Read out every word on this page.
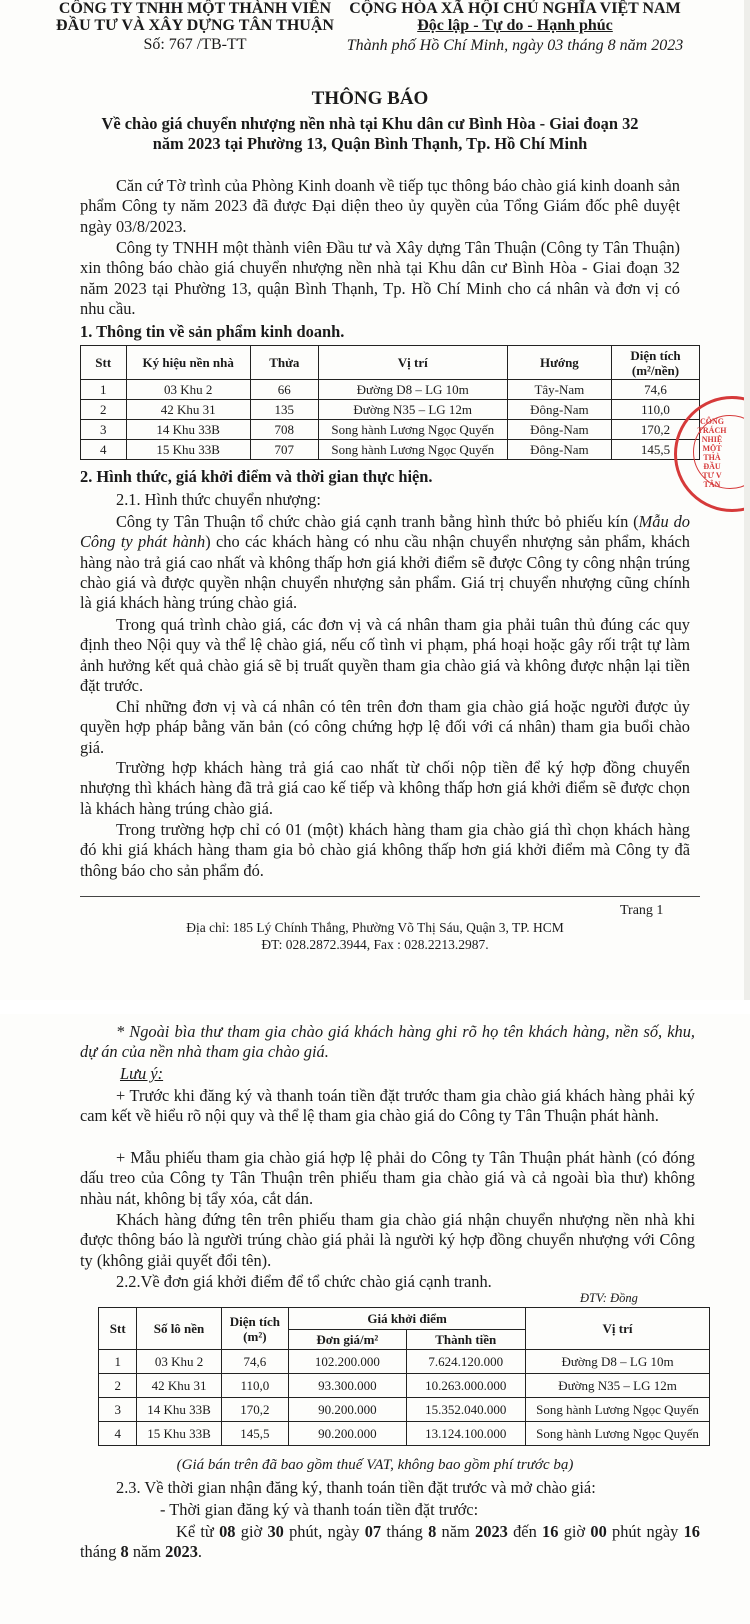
CÔNG TY TNHH MỘT THÀNH VIÊN
ĐẦU TƯ VÀ XÂY DỰNG TÂN THUẬN
Số: 767 /TB-TT
CỘNG HÒA XÃ HỘI CHỦ NGHĨA VIỆT NAM
Độc lập - Tự do - Hạnh phúc
Thành phố Hồ Chí Minh, ngày 03 tháng 8 năm 2023
THÔNG BÁO
Về chào giá chuyển nhượng nền nhà tại Khu dân cư Bình Hòa - Giai đoạn 32
năm 2023 tại Phường 13, Quận Bình Thạnh, Tp. Hồ Chí Minh
Căn cứ Tờ trình của Phòng Kinh doanh về tiếp tục thông báo chào giá kinh doanh sản phẩm Công ty năm 2023 đã được Đại diện theo ủy quyền của Tổng Giám đốc phê duyệt ngày 03/8/2023.
Công ty TNHH một thành viên Đầu tư và Xây dựng Tân Thuận (Công ty Tân Thuận) xin thông báo chào giá chuyển nhượng nền nhà tại Khu dân cư Bình Hòa - Giai đoạn 32 năm 2023 tại Phường 13, quận Bình Thạnh, Tp. Hồ Chí Minh cho cá nhân và đơn vị có nhu cầu.
1. Thông tin về sản phẩm kinh doanh.
Stt	Ký hiệu nền nhà	Thửa	Vị trí	Hướng	Diện tích
(m²/nền)

1	03 Khu 2	66	Đường D8 – LG 10m	Tây-Nam	74,6
2	42 Khu 31	135	Đường N35 – LG 12m	Đông-Nam	110,0
3	14 Khu 33B	708	Song hành Lương Ngọc Quyến	Đông-Nam	170,2
4	15 Khu 33B	707	Song hành Lương Ngọc Quyến	Đông-Nam	145,5
CÔNG
TRÁCH NHIỆ
MỘT THÀ
ĐẦU TƯ V
TÂN
2. Hình thức, giá khởi điểm và thời gian thực hiện.
2.1. Hình thức chuyển nhượng:
Công ty Tân Thuận tổ chức chào giá cạnh tranh bằng hình thức bỏ phiếu kín (Mẫu do Công ty phát hành) cho các khách hàng có nhu cầu nhận chuyển nhượng sản phẩm, khách hàng nào trả giá cao nhất và không thấp hơn giá khởi điểm sẽ được Công ty công nhận trúng chào giá và được quyền nhận chuyển nhượng sản phẩm. Giá trị chuyển nhượng cũng chính là giá khách hàng trúng chào giá.
Trong quá trình chào giá, các đơn vị và cá nhân tham gia phải tuân thủ đúng các quy định theo Nội quy và thể lệ chào giá, nếu cố tình vi phạm, phá hoại hoặc gây rối trật tự làm ảnh hưởng kết quả chào giá sẽ bị truất quyền tham gia chào giá và không được nhận lại tiền đặt trước.
Chỉ những đơn vị và cá nhân có tên trên đơn tham gia chào giá hoặc người được ủy quyền hợp pháp bằng văn bản (có công chứng hợp lệ đối với cá nhân) tham gia buổi chào giá.
Trường hợp khách hàng trả giá cao nhất từ chối nộp tiền để ký hợp đồng chuyển nhượng thì khách hàng đã trả giá cao kế tiếp và không thấp hơn giá khởi điểm sẽ được chọn là khách hàng trúng chào giá.
Trong trường hợp chỉ có 01 (một) khách hàng tham gia chào giá thì chọn khách hàng đó khi giá khách hàng tham gia bỏ chào giá không thấp hơn giá khởi điểm mà Công ty đã thông báo cho sản phẩm đó.
Trang 1
Địa chỉ: 185 Lý Chính Thắng, Phường Võ Thị Sáu, Quận 3, TP. HCM
ĐT: 028.2872.3944, Fax : 028.2213.2987.
* Ngoài bìa thư tham gia chào giá khách hàng ghi rõ họ tên khách hàng, nền số, khu, dự án của nền nhà tham gia chào giá.
Lưu ý:
+ Trước khi đăng ký và thanh toán tiền đặt trước tham gia chào giá khách hàng phải ký cam kết về hiểu rõ nội quy và thể lệ tham gia chào giá do Công ty Tân Thuận phát hành.
+ Mẫu phiếu tham gia chào giá hợp lệ phải do Công ty Tân Thuận phát hành (có đóng dấu treo của Công ty Tân Thuận trên phiếu tham gia chào giá và cả ngoài bìa thư) không nhàu nát, không bị tẩy xóa, cắt dán.
Khách hàng đứng tên trên phiếu tham gia chào giá nhận chuyển nhượng nền nhà khi được thông báo là người trúng chào giá phải là người ký hợp đồng chuyển nhượng với Công ty (không giải quyết đổi tên).
2.2.Về đơn giá khởi điểm để tổ chức chào giá cạnh tranh.
ĐTV: Đồng
Stt	Số lô nền	Diện tích
(m²)	Giá khởi điểm		Vị trí
			Đơn giá/m²	Thành tiền	
1	03 Khu 2	74,6	102.200.000	7.624.120.000	Đường D8 – LG 10m
2	42 Khu 31	110,0	93.300.000	10.263.000.000	Đường N35 – LG 12m
3	14 Khu 33B	170,2	90.200.000	15.352.040.000	Song hành Lương Ngọc Quyến
4	15 Khu 33B	145,5	90.200.000	13.124.100.000	Song hành Lương Ngọc Quyến
(Giá bán trên đã bao gồm thuế VAT, không bao gồm phí trước bạ)
2.3. Về thời gian nhận đăng ký, thanh toán tiền đặt trước và mở chào giá:
- Thời gian đăng ký và thanh toán tiền đặt trước:
Kể từ 08 giờ 30 phút, ngày 07 tháng 8 năm 2023 đến 16 giờ 00 phút ngày 16 tháng 8 năm 2023.
